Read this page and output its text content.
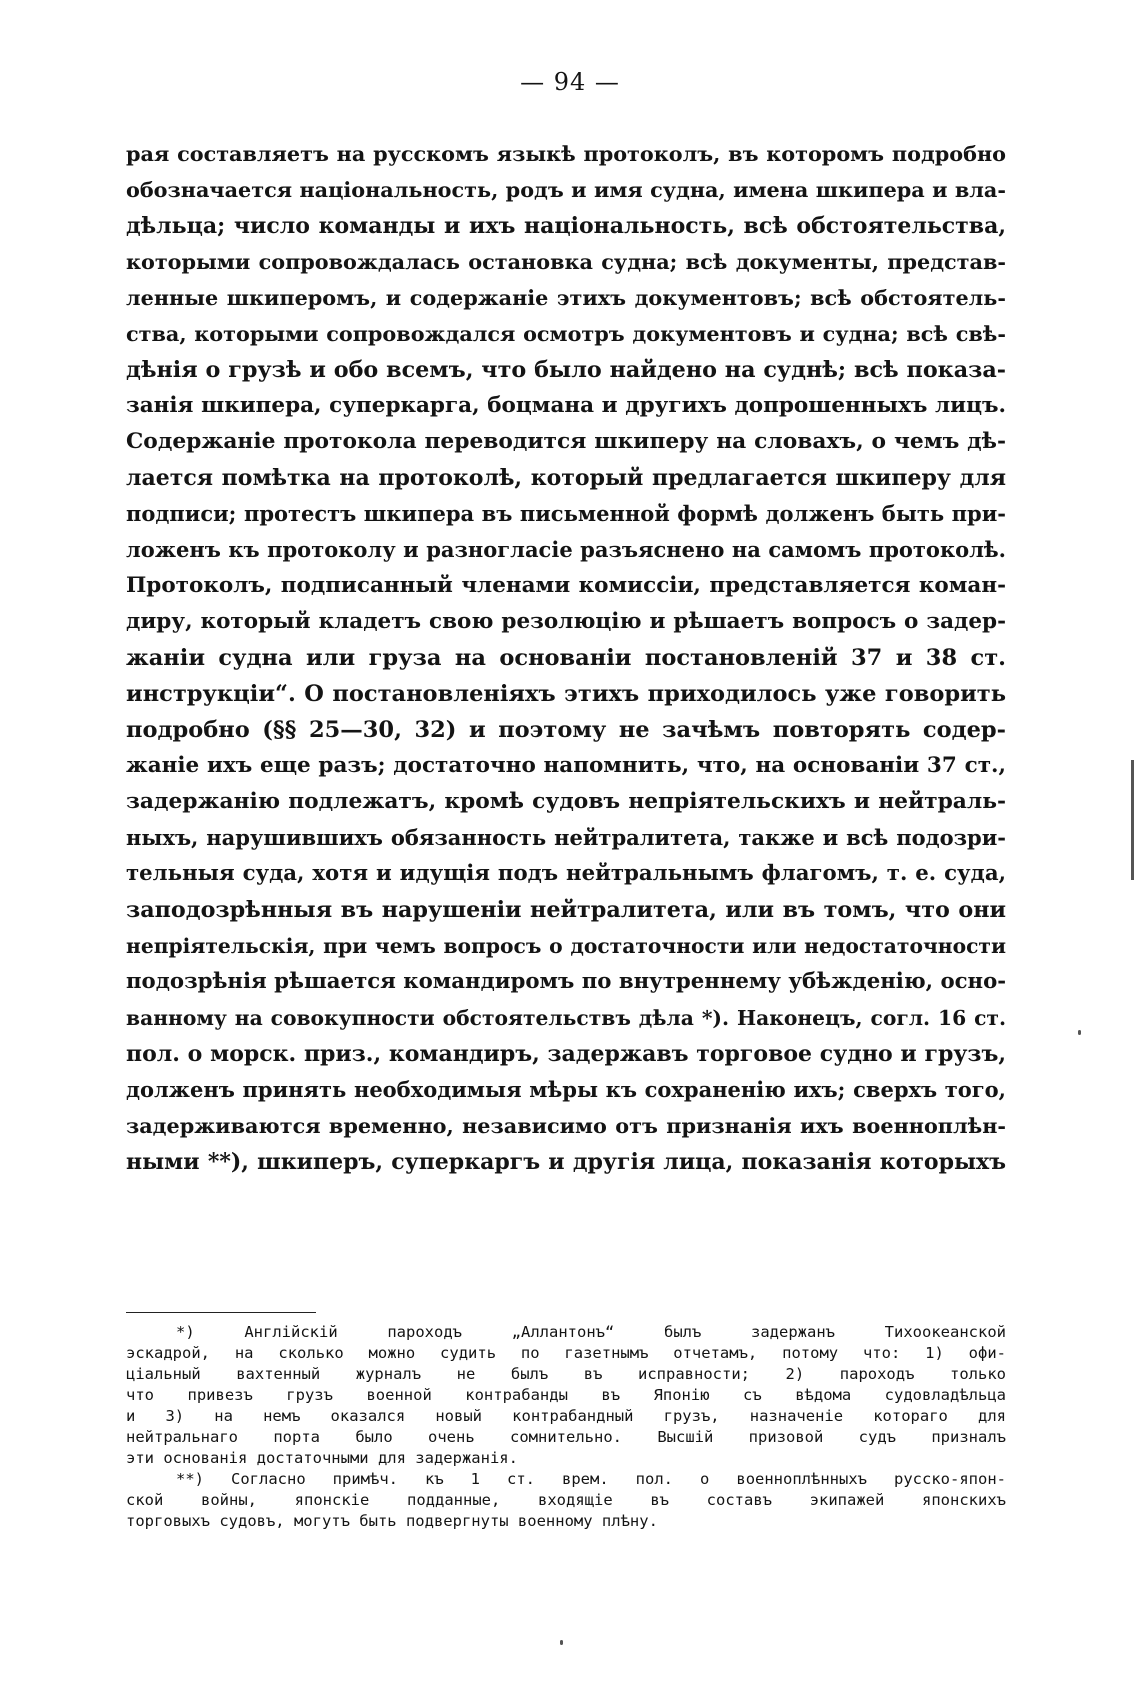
— 94 —
рая составляетъ на русскомъ языкѣ протоколъ, въ которомъ подробно
обозначается національность, родъ и имя судна, имена шкипера и вла-
дѣльца; число команды и ихъ національность, всѣ обстоятельства,
которыми сопровождалась остановка судна; всѣ документы, представ-
ленные шкиперомъ, и содержаніе этихъ документовъ; всѣ обстоятель-
ства, которыми сопровождался осмотръ документовъ и судна; всѣ свѣ-
дѣнія о грузѣ и обо всемъ, что было найдено на суднѣ; всѣ показа-
занія шкипера, суперкарга, боцмана и другихъ допрошенныхъ лицъ.
Содержаніе протокола переводится шкиперу на словахъ, о чемъ дѣ-
лается помѣтка на протоколѣ, который предлагается шкиперу для
подписи; протестъ шкипера въ письменной формѣ долженъ быть при-
ложенъ къ протоколу и разногласіе разъяснено на самомъ протоколѣ.
Протоколъ, подписанный членами комиссіи, представляется коман-
диру, который кладетъ свою резолюцію и рѣшаетъ вопросъ о задер-
жаніи судна или груза на основаніи постановленій 37 и 38 ст.
инструкціи“. О постановленіяхъ этихъ приходилось уже говорить
подробно (§§ 25—30, 32) и поэтому не зачѣмъ повторять содер-
жаніе ихъ еще разъ; достаточно напомнить, что, на основаніи 37 ст.,
задержанію подлежатъ, кромѣ судовъ непріятельскихъ и нейтраль-
ныхъ, нарушившихъ обязанность нейтралитета, также и всѣ подозри-
тельныя суда, хотя и идущія подъ нейтральнымъ флагомъ, т. е. суда,
заподозрѣнныя въ нарушеніи нейтралитета, или въ томъ, что они
непріятельскія, при чемъ вопросъ о достаточности или недостаточности
подозрѣнія рѣшается командиромъ по внутреннему убѣжденію, осно-
ванному на совокупности обстоятельствъ дѣла *). Наконецъ, согл. 16 ст.
пол. о морск. приз., командиръ, задержавъ торговое судно и грузъ,
долженъ принять необходимыя мѣры къ сохраненію ихъ; сверхъ того,
задерживаются временно, независимо отъ признанія ихъ военноплѣн-
ными **), шкиперъ, суперкаргъ и другія лица, показанія которыхъ
*) Англійскій пароходъ „Аллантонъ“ былъ задержанъ Тихоокеанской
эскадрой, на сколько можно судить по газетнымъ отчетамъ, потому что: 1) офи-
ціальный вахтенный журналъ не былъ въ исправности; 2) пароходъ только
что привезъ грузъ военной контрабанды въ Японію съ вѣдома судовладѣльца
и 3) на немъ оказался новый контрабандный грузъ, назначеніе котораго для
нейтральнаго порта было очень сомнительно. Высшій призовой судъ призналъ
эти основанія достаточными для задержанія.
**) Согласно примѣч. къ 1 ст. врем. пол. о военноплѣнныхъ русско-япон-
ской войны, японскіе подданные, входящіе въ составъ экипажей японскихъ
торговыхъ судовъ, могутъ быть подвергнуты военному плѣну.
